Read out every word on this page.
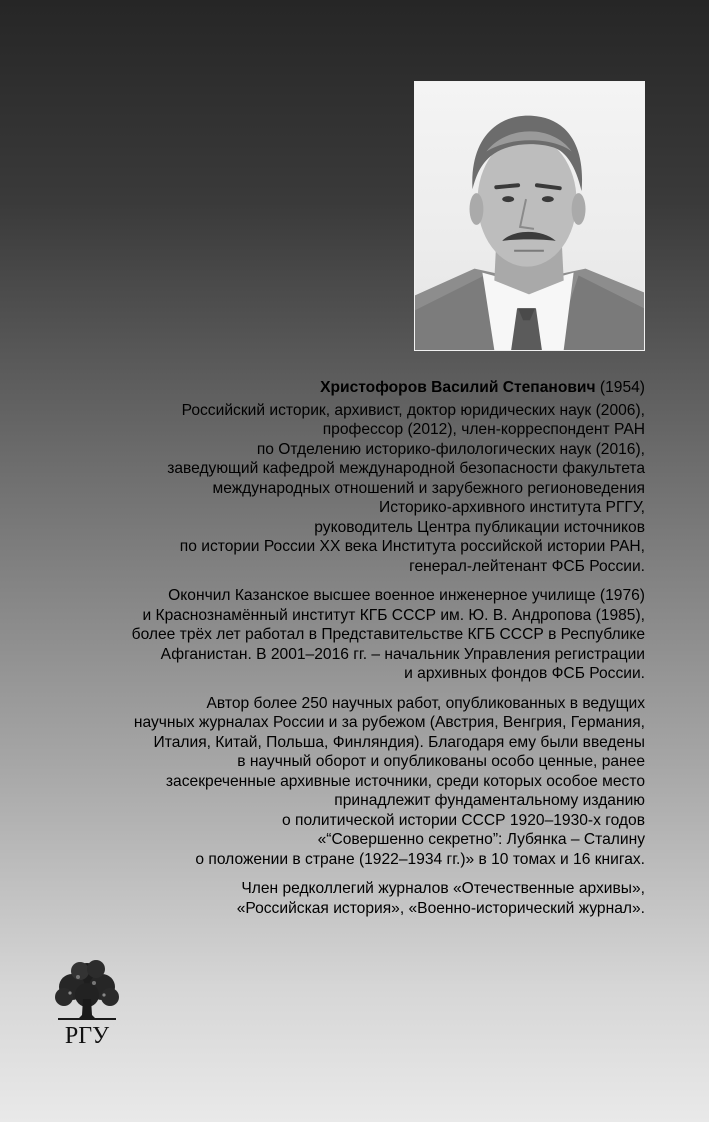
Христофоров Василий Степанович (1954)

Российский историк, архивист, доктор юридических наук (2006),
профессор (2012), член-корреспондент РАН
по Отделению историко-филологических наук (2016),
заведующий кафедрой международной безопасности факультета
международных отношений и зарубежного регионоведения
Историко-архивного института РГГУ,
руководитель Центра публикации источников
по истории России XX века Института российской истории РАН,
генерал-лейтенант ФСБ России.

Окончил Казанское высшее военное инженерное училище (1976)
и Краснознамённый институт КГБ СССР им. Ю. В. Андропова (1985),
более трёх лет работал в Представительстве КГБ СССР в Республике
Афганистан. В 2001–2016 гг. – начальник Управления регистрации
и архивных фондов ФСБ России.

Автор более 250 научных работ, опубликованных в ведущих
научных журналах России и за рубежом (Австрия, Венгрия, Германия,
Италия, Китай, Польша, Финляндия). Благодаря ему были введены
в научный оборот и опубликованы особо ценные, ранее
засекреченные архивные источники, среди которых особое место
принадлежит фундаментальному изданию
о политической истории СССР 1920–1930-х годов
«“Совершенно секретно”: Лубянка – Сталину
о положении в стране (1922–1934 гг.)» в 10 томах и 16 книгах.

Член редколлегий журналов «Отечественные архивы»,
«Российская история», «Военно-исторический журнал».

РГУ
